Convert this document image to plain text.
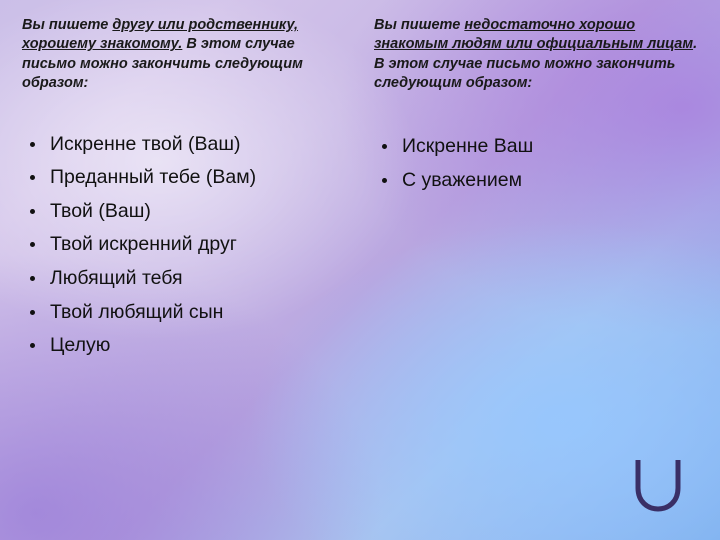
Вы пишете другу или родственнику, хорошему знакомому. В этом случае письмо можно закончить следующим образом:

Искренне твой (Ваш)
Преданный тебе (Вам)
Твой (Ваш)
Твой искренний друг
Любящий тебя
Твой любящий сын
Целую

Вы пишете недостаточно хорошо знакомым людям или официальным лицам. В этом случае письмо можно закончить следующим образом:

Искренне Ваш
С уважением
